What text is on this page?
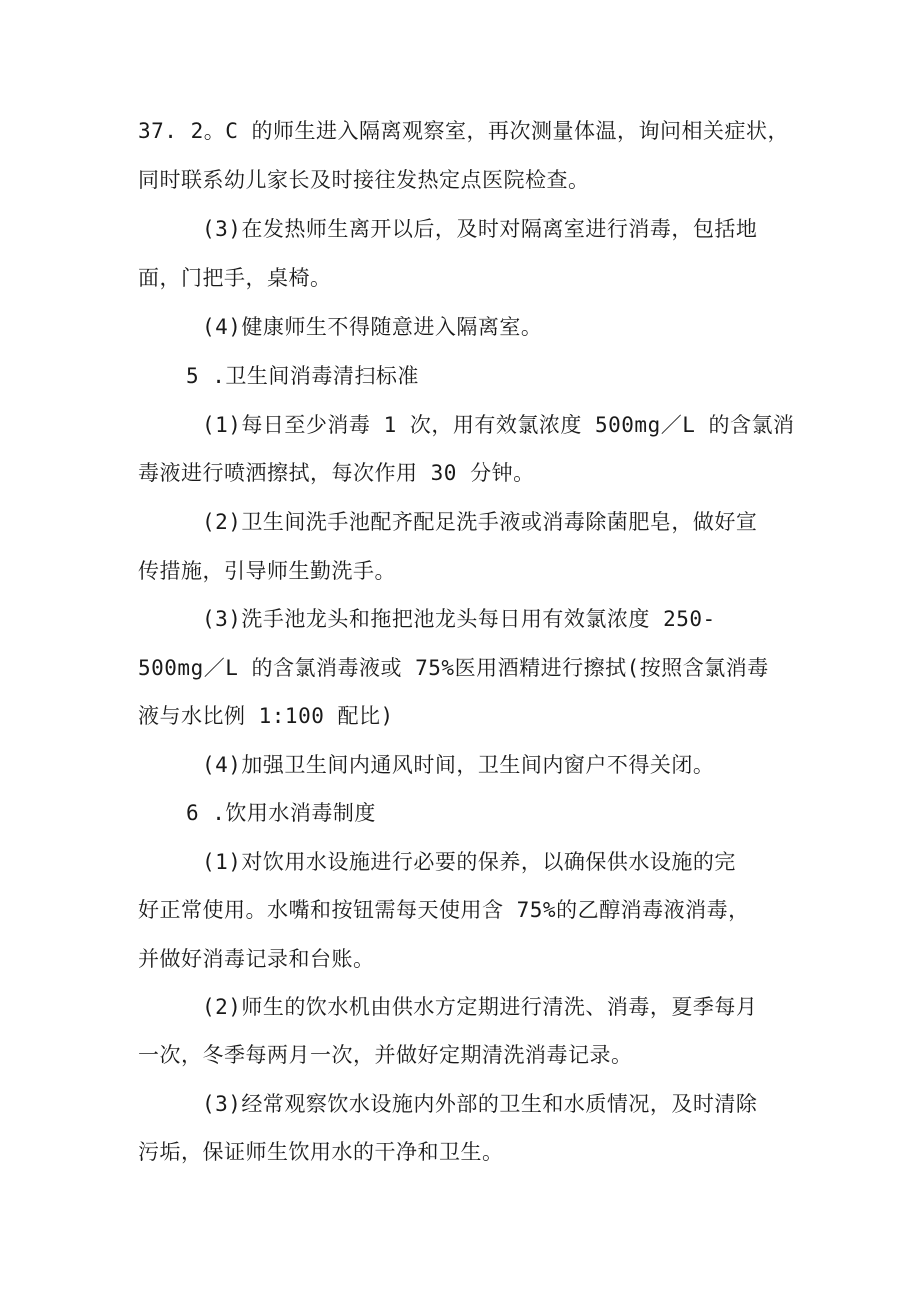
37. 2。C 的师生进入隔离观察室，再次测量体温，询问相关症状，
同时联系幼儿家长及时接往发热定点医院检查。
(3)在发热师生离开以后，及时对隔离室进行消毒，包括地
面，门把手，桌椅。
(4)健康师生不得随意进入隔离室。
5 .卫生间消毒清扫标准
(1)每日至少消毒 1 次，用有效氯浓度 500mg／L 的含氯消
毒液进行喷洒擦拭，每次作用 30 分钟。
(2)卫生间洗手池配齐配足洗手液或消毒除菌肥皂，做好宣
传措施，引导师生勤洗手。
(3)洗手池龙头和拖把池龙头每日用有效氯浓度 250-
500mg／L 的含氯消毒液或 75%医用酒精进行擦拭(按照含氯消毒
液与水比例 1:100 配比)
(4)加强卫生间内通风时间，卫生间内窗户不得关闭。
6 .饮用水消毒制度
(1)对饮用水设施进行必要的保养，以确保供水设施的完
好正常使用。水嘴和按钮需每天使用含 75%的乙醇消毒液消毒，
并做好消毒记录和台账。
(2)师生的饮水机由供水方定期进行清洗、消毒，夏季每月
一次，冬季每两月一次，并做好定期清洗消毒记录。
(3)经常观察饮水设施内外部的卫生和水质情况，及时清除
污垢，保证师生饮用水的干净和卫生。
